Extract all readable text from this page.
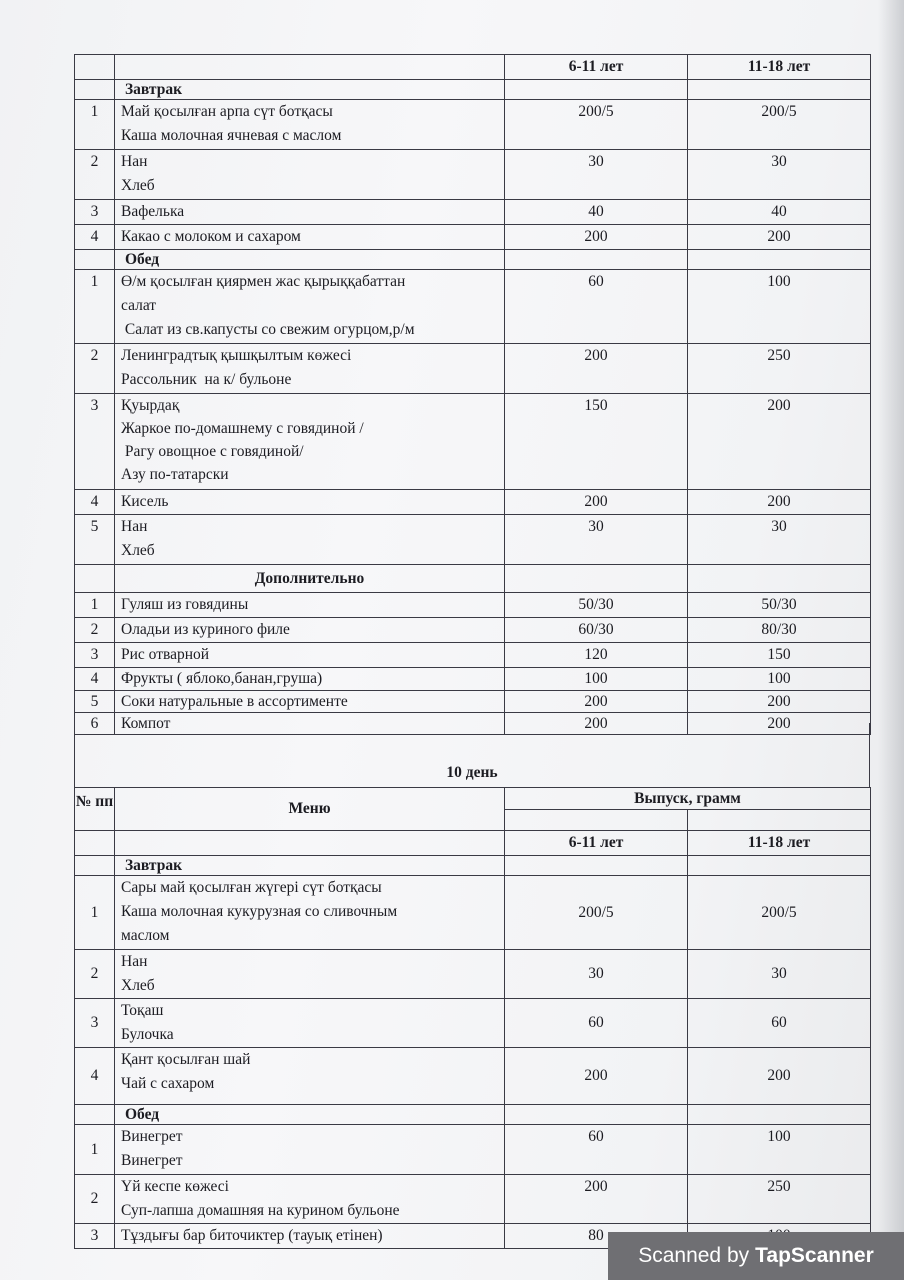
		6-11 лет	11-18 лет
	Завтрак		
1	Май қосылған арпа сүт ботқасы
Каша молочная ячневая с маслом	200/5	200/5
2	Нан
Хлеб	30	30
3	Вафелька	40	40
4	Какао с молоком и сахаром	200	200
	Обед		
1	Ө/м қосылған қиярмен жас қырыққабаттан
салат
Салат из св.капусты со свежим огурцом,р/м	60	100
2	Ленинградтық қышқылтым көжесі
Рассольник  на к/ бульоне	200	250
3	Қуырдақ
Жаркое по-домашнему с говядиной /
Рагу овощное с говядиной/
Азу по-татарски	150	200
4	Кисель	200	200
5	Нан
Хлеб	30	30
	Дополнительно		
1	Гуляш из говядины	50/30	50/30
2	Оладьи из куриного филе	60/30	80/30
3	Рис отварной	120	150
4	Фрукты ( яблоко,банан,груша)	100	100
5	Соки натуральные в ассортименте	200	200
6	Компот	200	200
10 день
№ пп	Меню	Выпуск, грамм	

		6-11 лет	11-18 лет
	Завтрак		
1	Сары май қосылған жүгері сүт ботқасы
Каша молочная кукурузная со сливочным
маслом	200/5	200/5
2	Нан
Хлеб	30	30
3	Тоқаш
Булочка	60	60
4	Қант қосылған шай
Чай с сахаром	200	200
	Обед		
1	Винегрет
Винегрет	60	100
2	Үй кеспе көжесі
Суп-лапша домашняя на курином бульоне	200	250
3	Тұздығы бар биточиктер (тауық етінен)	80	
Scanned by TapScanner
